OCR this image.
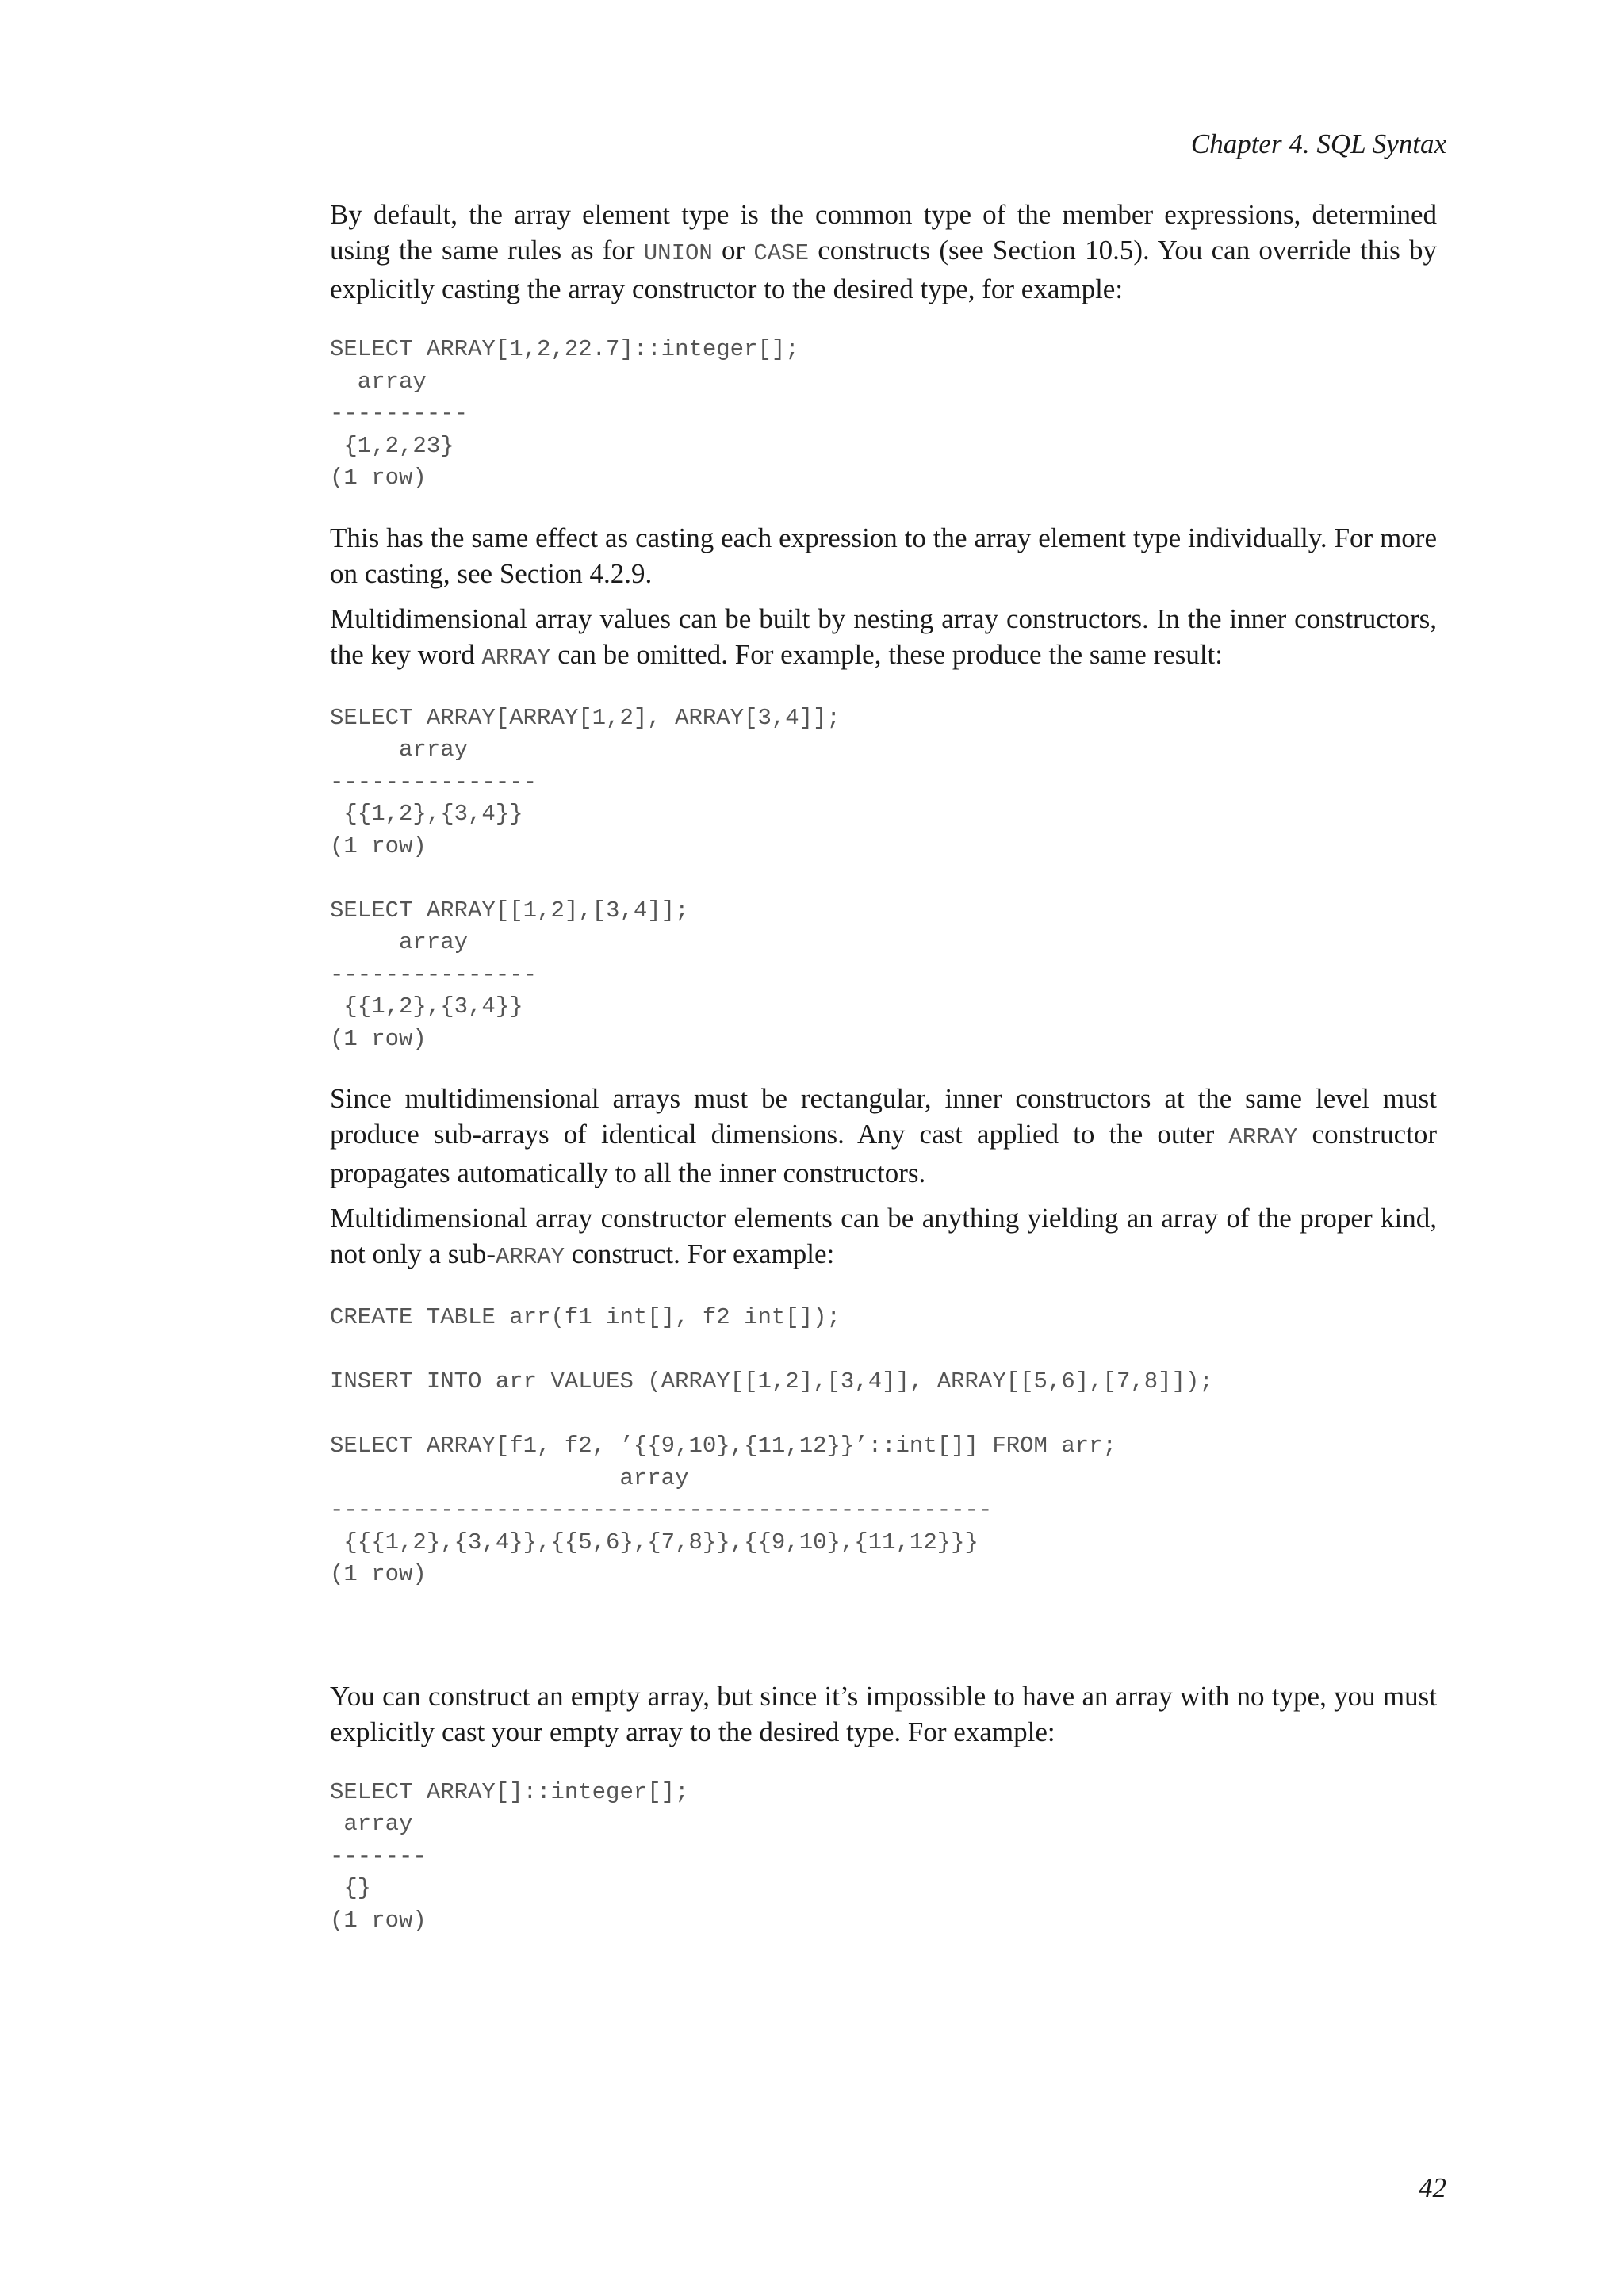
Chapter 4. SQL Syntax

By default, the array element type is the common type of the member expressions, determined using the same rules as for UNION or CASE constructs (see Section 10.5). You can override this by explicitly casting the array constructor to the desired type, for example:

SELECT ARRAY[1,2,22.7]::integer[];
array
----------
{1,2,23}
(1 row)

This has the same effect as casting each expression to the array element type individually. For more on casting, see Section 4.2.9.

Multidimensional array values can be built by nesting array constructors. In the inner constructors, the key word ARRAY can be omitted. For example, these produce the same result:

SELECT ARRAY[ARRAY[1,2], ARRAY[3,4]];
array
---------------
{{1,2},{3,4}}
(1 row)

SELECT ARRAY[[1,2],[3,4]];
array
---------------
{{1,2},{3,4}}
(1 row)

Since multidimensional arrays must be rectangular, inner constructors at the same level must produce sub-arrays of identical dimensions. Any cast applied to the outer ARRAY constructor propagates automatically to all the inner constructors.

Multidimensional array constructor elements can be anything yielding an array of the proper kind, not only a sub-ARRAY construct. For example:

CREATE TABLE arr(f1 int[], f2 int[]);

INSERT INTO arr VALUES (ARRAY[[1,2],[3,4]], ARRAY[[5,6],[7,8]]);

SELECT ARRAY[f1, f2, ’{{9,10},{11,12}}’::int[]] FROM arr;
array
------------------------------------------------
{{{1,2},{3,4}},{{5,6},{7,8}},{{9,10},{11,12}}}
(1 row)

You can construct an empty array, but since it’s impossible to have an array with no type, you must explicitly cast your empty array to the desired type. For example:

SELECT ARRAY[]::integer[];
array
-------
{}
(1 row)
42
